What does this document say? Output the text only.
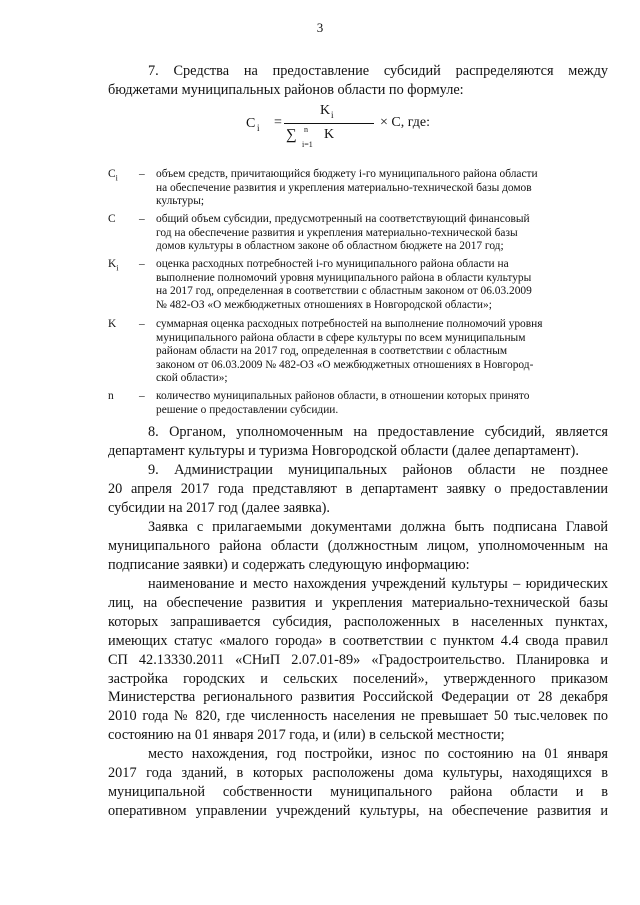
3
7. Средства на предоставление субсидий распределяются между
бюджетами муниципальных районов области по формуле:
C i =
K i
∑ n
i=1
K
× C, где:
$C_i$	– объем средств, причитающийся бюджету i-го муниципального района области
на обеспечение развития и укрепления материально-технической базы домов
культуры;
C	– общий объем субсидии, предусмотренный на соответствующий финансовый
год на обеспечение развития и укрепления материально-технической базы
домов культуры в областном законе об областном бюджете на 2017 год;
$K_i$	– оценка расходных потребностей i-го муниципального района области на
выполнение полномочий уровня муниципального района в области культуры
на 2017 год, определенная в соответствии с областным законом от 06.03.2009
№ 482-ОЗ «О межбюджетных отношениях в Новгородской области»;
K	– суммарная оценка расходных потребностей на выполнение полномочий уровня
муниципального района области в сфере культуры по всем муниципальным
районам области на 2017 год, определенная в соответствии с областным
законом от 06.03.2009 № 482-ОЗ «О межбюджетных отношениях в Новгород-
ской области»;
n	– количество муниципальных районов области, в отношении которых принято
решение о предоставлении субсидии.
8. Органом, уполномоченным на предоставление субсидий, является
департамент культуры и туризма Новгородской области (далее департамент).
9. Администрации муниципальных районов области не позднее
20 апреля 2017 года представляют в департамент заявку о предоставлении
субсидии на 2017 год (далее заявка).
Заявка с прилагаемыми документами должна быть подписана Главой
муниципального района области (должностным лицом, уполномоченным на
подписание заявки) и содержать следующую информацию:
наименование и место нахождения учреждений культуры – юридических
лиц, на обеспечение развития и укрепления материально-технической базы
которых запрашивается субсидия, расположенных в населенных пунктах,
имеющих статус «малого города» в соответствии с пунктом 4.4 свода правил
СП 42.13330.2011 «СНиП 2.07.01-89» «Градостроительство. Планировка и
застройка городских и сельских поселений», утвержденного приказом
Министерства регионального развития Российской Федерации от 28 декабря
2010 года № 820, где численность населения не превышает 50 тыс.человек по
состоянию на 01 января 2017 года, и (или) в сельской местности;
место нахождения, год постройки, износ по состоянию на 01 января
2017 года зданий, в которых расположены дома культуры, находящихся в
муниципальной собственности муниципального района области и в
оперативном управлении учреждений культуры, на обеспечение развития и
